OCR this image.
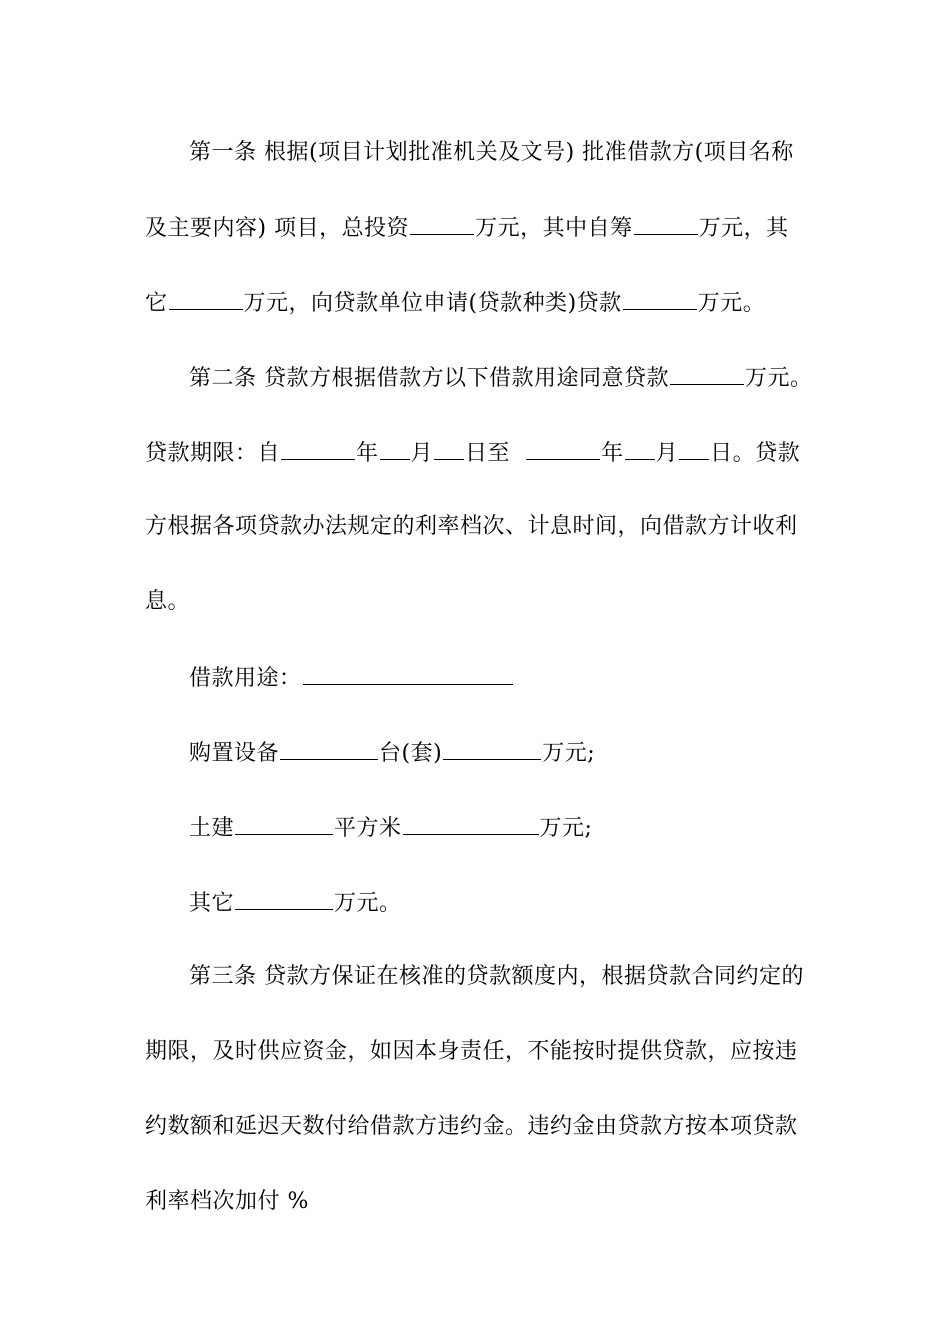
第一条 根据(项目计划批准机关及文号) 批准借款方(项目名称
及主要内容) 项目，总投资	万元，其中自筹	万元，其
它	万元，向贷款单位申请(贷款种类)贷款	万元。
第二条 贷款方根据借款方以下借款用途同意贷款	万元。
贷款期限：自	年 月 日至	年 月 日。贷款
方根据各项贷款办法规定的利率档次、计息时间，向借款方计收利
息。
借款用途：
购置设备	台(套)	万元;
土建	平方米	万元;
其它	万元。
第三条 贷款方保证在核准的贷款额度内，根据贷款合同约定的
期限，及时供应资金，如因本身责任，不能按时提供贷款，应按违
约数额和延迟天数付给借款方违约金。违约金由贷款方按本项贷款
利率档次加付 %
